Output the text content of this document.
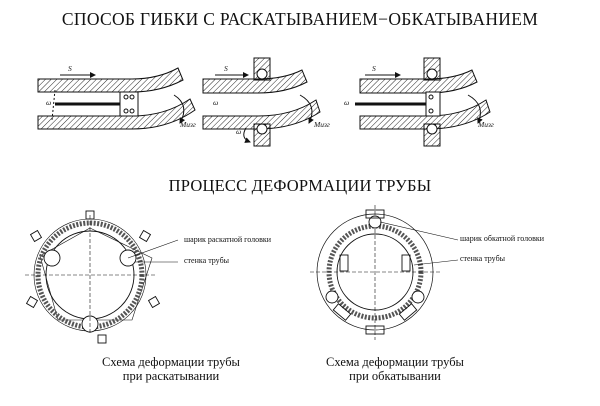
СПОСОБ ГИБКИ С РАСКАТЫВАНИЕМ−ОБКАТЫВАНИЕМ
S
ω
Mизг
S
ω
ω
Mизг
S
ω
Mизг
ПРОЦЕСС ДЕФОРМАЦИИ ТРУБЫ
шарик раскатной головки
стенка трубы
шарик обкатной головки
стенка трубы
Схема деформации трубы
при раскатывании
Схема деформации трубы
при обкатывании
